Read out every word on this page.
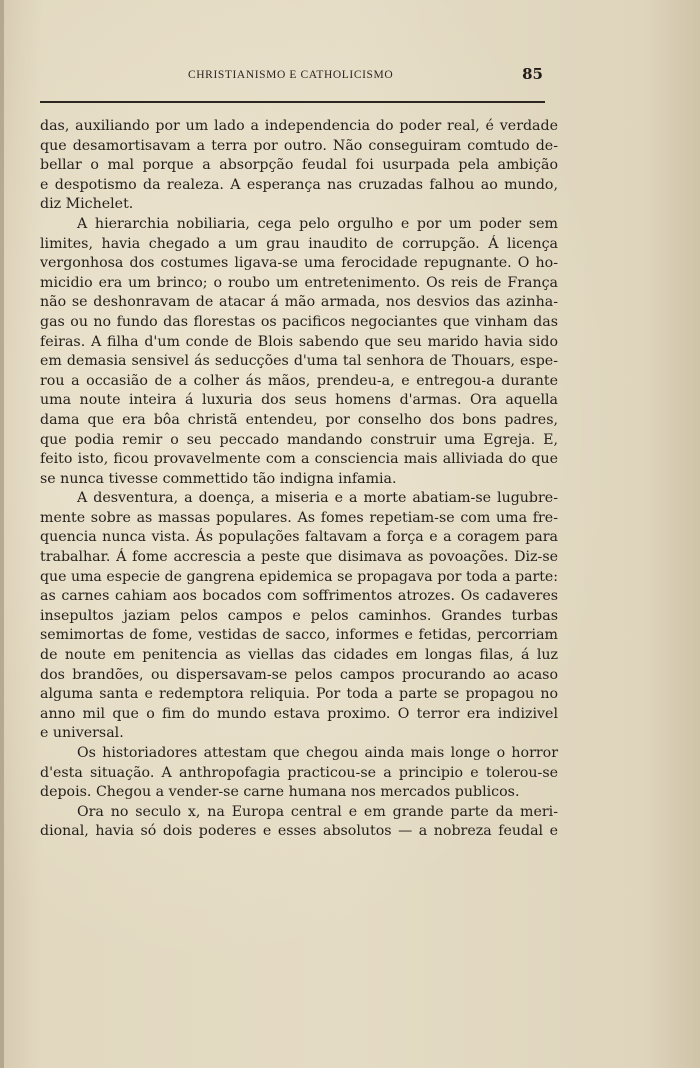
CHRISTIANISMO E CATHOLICISMO	85

das, auxiliando por um lado a independencia do poder real, é verdade

que desamortisavam a terra por outro. Não conseguiram comtudo de-

bellar o mal porque a absorpção feudal foi usurpada pela ambição

e despotismo da realeza. A esperança nas cruzadas falhou ao mundo,

diz Michelet.

A hierarchia nobiliaria, cega pelo orgulho e por um poder sem

limites, havia chegado a um grau inaudito de corrupção. Á licença

vergonhosa dos costumes ligava-se uma ferocidade repugnante. O ho-

micidio era um brinco; o roubo um entretenimento. Os reis de França

não se deshonravam de atacar á mão armada, nos desvios das azinha-

gas ou no fundo das florestas os pacificos negociantes que vinham das

feiras. A filha d'um conde de Blois sabendo que seu marido havia sido

em demasia sensivel ás seducções d'uma tal senhora de Thouars, espe-

rou a occasião de a colher ás mãos, prendeu-a, e entregou-a durante

uma noute inteira á luxuria dos seus homens d'armas. Ora aquella

dama que era bôa christã entendeu, por conselho dos bons padres,

que podia remir o seu peccado mandando construir uma Egreja. E,

feito isto, ficou provavelmente com a consciencia mais alliviada do que

se nunca tivesse commettido tão indigna infamia.

A desventura, a doença, a miseria e a morte abatiam-se lugubre-

mente sobre as massas populares. As fomes repetiam-se com uma fre-

quencia nunca vista. Ás populações faltavam a força e a coragem para

trabalhar. Á fome accrescia a peste que disimava as povoações. Diz-se

que uma especie de gangrena epidemica se propagava por toda a parte:

as carnes cahiam aos bocados com soffrimentos atrozes. Os cadaveres

insepultos jaziam pelos campos e pelos caminhos. Grandes turbas

semimortas de fome, vestidas de sacco, informes e fetidas, percorriam

de noute em penitencia as viellas das cidades em longas filas, á luz

dos brandões, ou dispersavam-se pelos campos procurando ao acaso

alguma santa e redemptora reliquia. Por toda a parte se propagou no

anno mil que o fim do mundo estava proximo. O terror era indizivel

e universal.

Os historiadores attestam que chegou ainda mais longe o horror

d'esta situação. A anthropofagia practicou-se a principio e tolerou-se

depois. Chegou a vender-se carne humana nos mercados publicos.

Ora no seculo x, na Europa central e em grande parte da meri-

dional, havia só dois poderes e esses absolutos — a nobreza feudal e
